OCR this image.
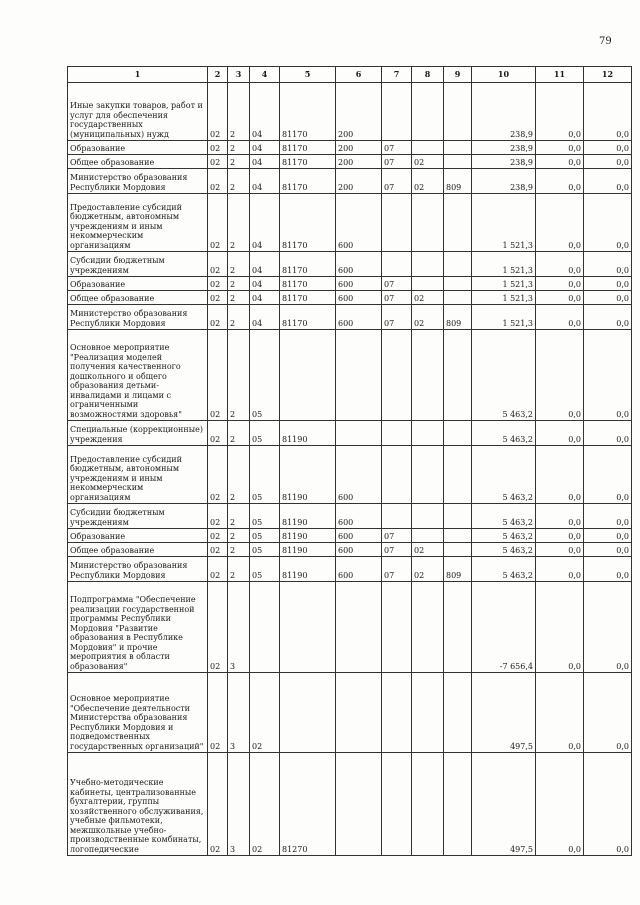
79
1	2	3	4	5	6	7	8	9	10	11	12
Иные закупки товаров, работ и услуг для обеспечения государственных (муниципальных) нужд	02	2	04	81170	200				238,9	0,0	0,0
Образование	02	2	04	81170	200	07			238,9	0,0	0,0
Общее образование	02	2	04	81170	200	07	02		238,9	0,0	0,0
Министерство образования Республики Мордовия	02	2	04	81170	200	07	02	809	238,9	0,0	0,0
Предоставление субсидий бюджетным, автономным учреждениям и иным некоммерческим организациям	02	2	04	81170	600				1 521,3	0,0	0,0
Субсидии бюджетным учреждениям	02	2	04	81170	600				1 521,3	0,0	0,0
Образование	02	2	04	81170	600	07			1 521,3	0,0	0,0
Общее образование	02	2	04	81170	600	07	02		1 521,3	0,0	0,0
Министерство образования Республики Мордовия	02	2	04	81170	600	07	02	809	1 521,3	0,0	0,0
Основное мероприятие "Реализация моделей получения качественного дошкольного и общего образования детьми-инвалидами и лицами с ограниченными возможностями здоровья"	02	2	05						5 463,2	0,0	0,0
Специальные (коррекционные) учреждения	02	2	05	81190					5 463,2	0,0	0,0
Предоставление субсидий бюджетным, автономным учреждениям и иным некоммерческим организациям	02	2	05	81190	600				5 463,2	0,0	0,0
Субсидии бюджетным учреждениям	02	2	05	81190	600				5 463,2	0,0	0,0
Образование	02	2	05	81190	600	07			5 463,2	0,0	0,0
Общее образование	02	2	05	81190	600	07	02		5 463,2	0,0	0,0
Министерство образования Республики Мордовия	02	2	05	81190	600	07	02	809	5 463,2	0,0	0,0
Подпрограмма "Обеспечение реализации государственной программы Республики Мордовия "Развитие образования в Республике Мордовия" и прочие мероприятия в области образования"	02	3							-7 656,4	0,0	0,0
Основное мероприятие "Обеспечение деятельности Министерства образования Республики Мордовия и подведомственных государственных организаций"	02	3	02						497,5	0,0	0,0
Учебно-методические кабинеты, централизованные бухгалтерии, группы хозяйственного обслуживания, учебные фильмотеки, межшкольные учебно-производственные комбинаты, логопедические	02	3	02	81270					497,5	0,0	0,0
